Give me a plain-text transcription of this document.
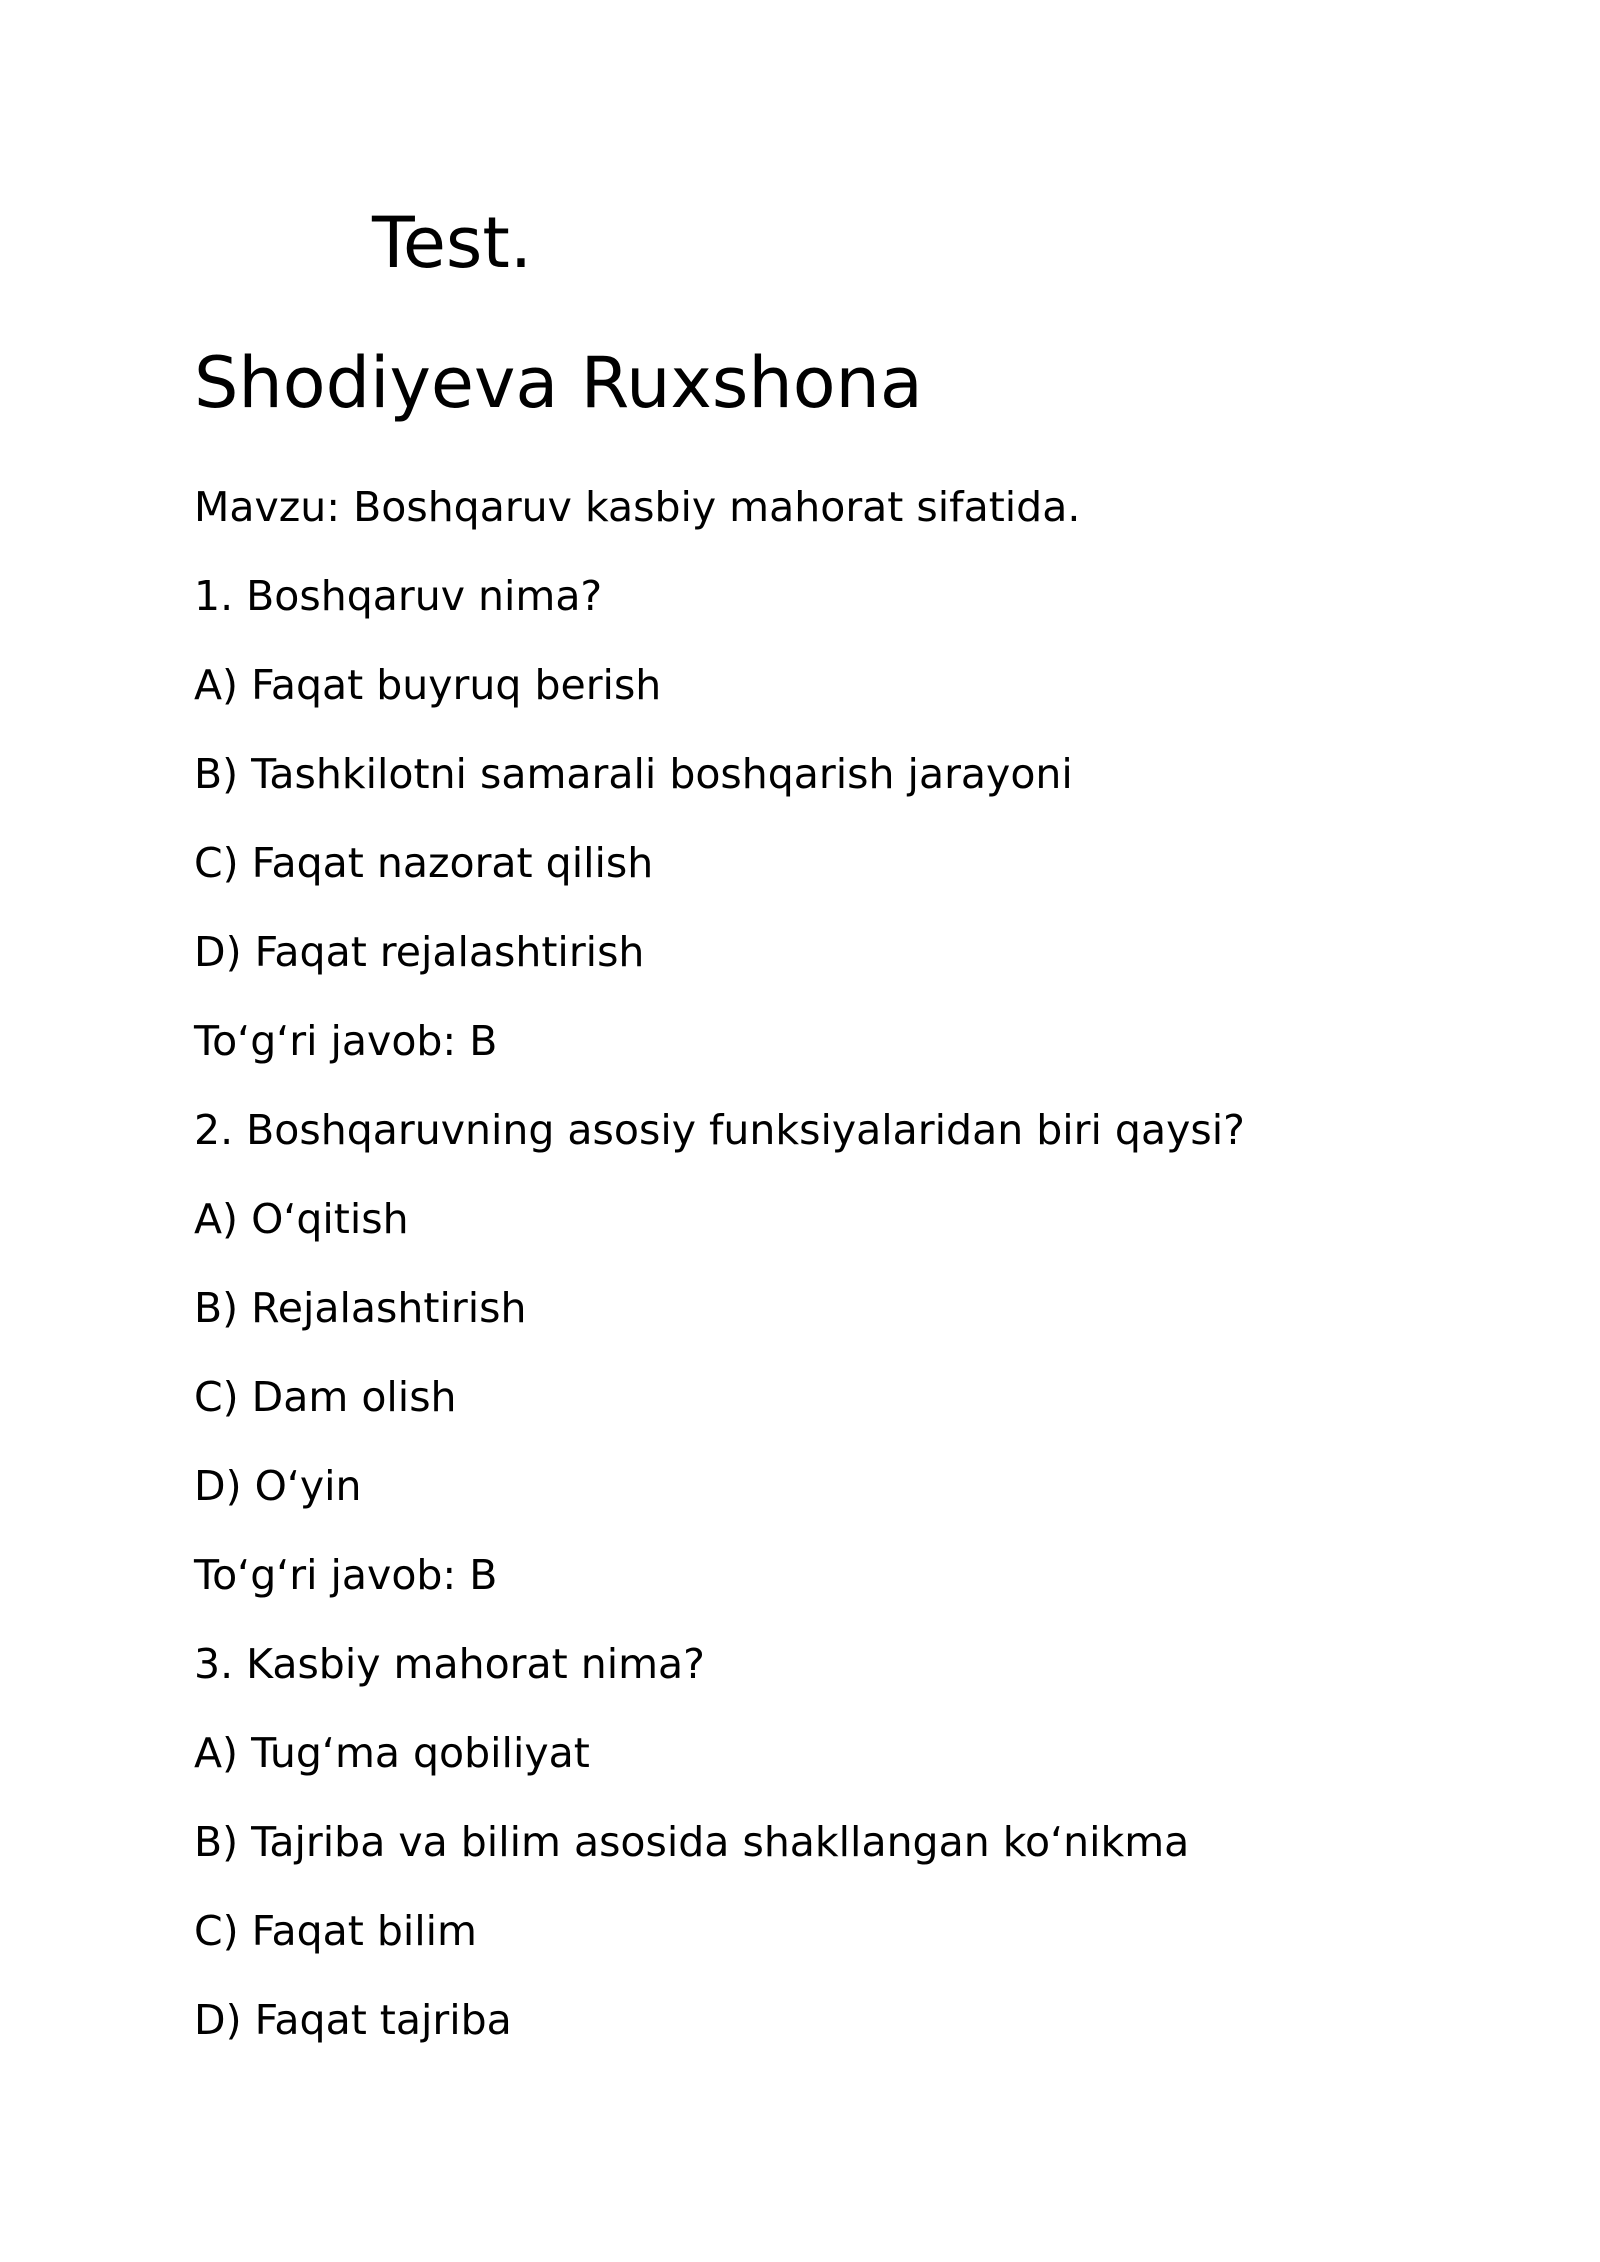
Test.
Shodiyeva Ruxshona
Mavzu: Boshqaruv kasbiy mahorat sifatida.
1. Boshqaruv nima?
A) Faqat buyruq berish
B) Tashkilotni samarali boshqarish jarayoni
C) Faqat nazorat qilish
D) Faqat rejalashtirish
To‘g‘ri javob: B
2. Boshqaruvning asosiy funksiyalaridan biri qaysi?
A) O‘qitish
B) Rejalashtirish
C) Dam olish
D) O‘yin
To‘g‘ri javob: B
3. Kasbiy mahorat nima?
A) Tug‘ma qobiliyat
B) Tajriba va bilim asosida shakllangan ko‘nikma
C) Faqat bilim
D) Faqat tajriba
